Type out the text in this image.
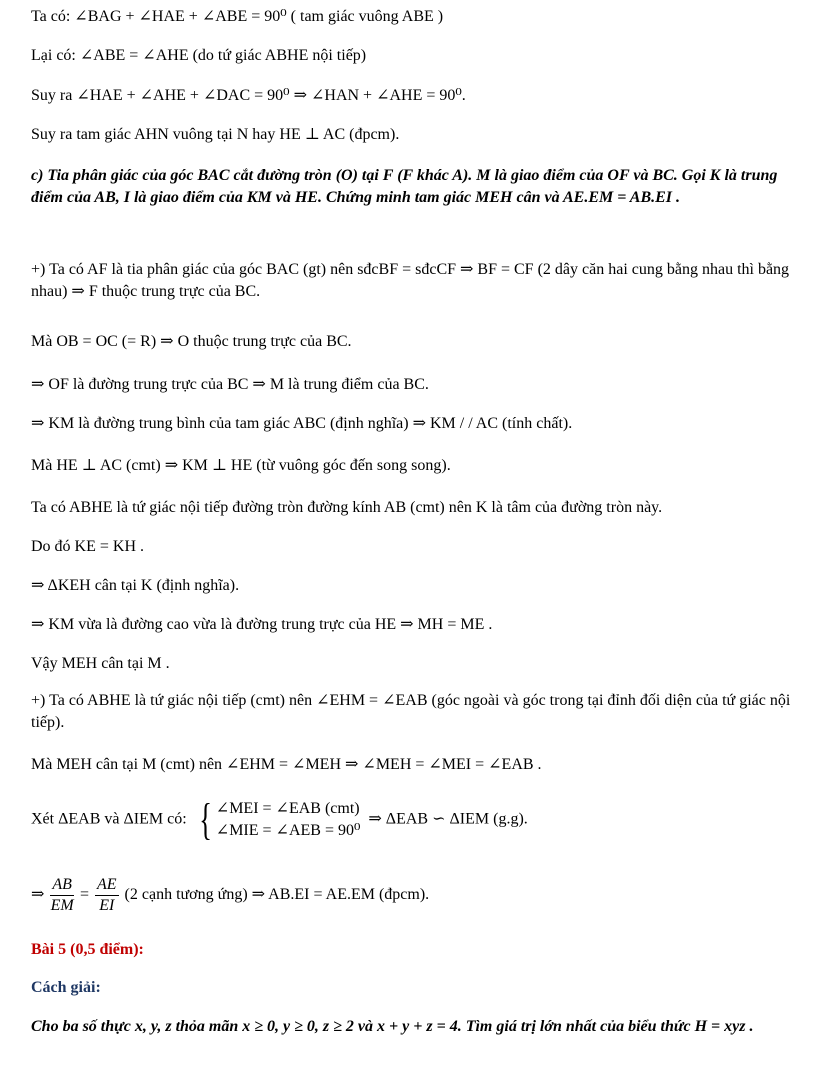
Ta có: ∠BAG + ∠HAE + ∠ABE = 90⁰ ( tam giác vuông ABE )
Lại có: ∠ABE = ∠AHE (do tứ giác ABHE nội tiếp)
Suy ra ∠HAE + ∠AHE + ∠DAC = 90⁰ ⇒ ∠HAN + ∠AHE = 90⁰.
Suy ra tam giác AHN vuông tại N hay HE ⊥ AC (đpcm).
c) Tia phân giác của góc BAC cắt đường tròn (O) tại F (F khác A). M là giao điểm của OF và BC. Gọi K là trung điểm của AB, I là giao điểm của KM và HE. Chứng minh tam giác MEH cân và AE.EM = AB.EI .
+) Ta có AF là tia phân giác của góc BAC (gt) nên sđcBF = sđcCF ⇒ BF = CF (2 dây căn hai cung bằng nhau thì bằng nhau) ⇒ F thuộc trung trực của BC.
Mà OB = OC (= R) ⇒ O thuộc trung trực của BC.
⇒ OF là đường trung trực của BC ⇒ M là trung điểm của BC.
⇒ KM là đường trung bình của tam giác ABC (định nghĩa) ⇒ KM / / AC (tính chất).
Mà HE ⊥ AC (cmt) ⇒ KM ⊥ HE (từ vuông góc đến song song).
Ta có ABHE là tứ giác nội tiếp đường tròn đường kính AB (cmt) nên K là tâm của đường tròn này.
Do đó KE = KH .
⇒ ΔKEH cân tại K (định nghĩa).
⇒ KM vừa là đường cao vừa là đường trung trực của HE ⇒ MH = ME .
Vậy MEH cân tại M .
+) Ta có ABHE là tứ giác nội tiếp (cmt) nên ∠EHM = ∠EAB (góc ngoài và góc trong tại đỉnh đối diện của tứ giác nội tiếp).
Mà MEH cân tại M (cmt) nên ∠EHM = ∠MEH ⇒ ∠MEH = ∠MEI = ∠EAB .
Xét ΔEAB và ΔIEM có: { ∠MEI = ∠EAB (cmt)
∠MIE = ∠AEB = 90⁰
⇒ ΔEAB ∽ ΔIEM (g.g).
⇒ $\frac{AB}{EM} = \frac{AE}{EI} (2$ cạnh tương ứng) ⇒ AB.EI = AE.EM (đpcm).
Bài 5 (0,5 điểm):
Cách giải:
Cho ba số thực x, y, z thỏa mãn x ≥ 0, y ≥ 0, z ≥ 2 và x + y + z = 4. Tìm giá trị lớn nhất của biểu thức H = xyz .
